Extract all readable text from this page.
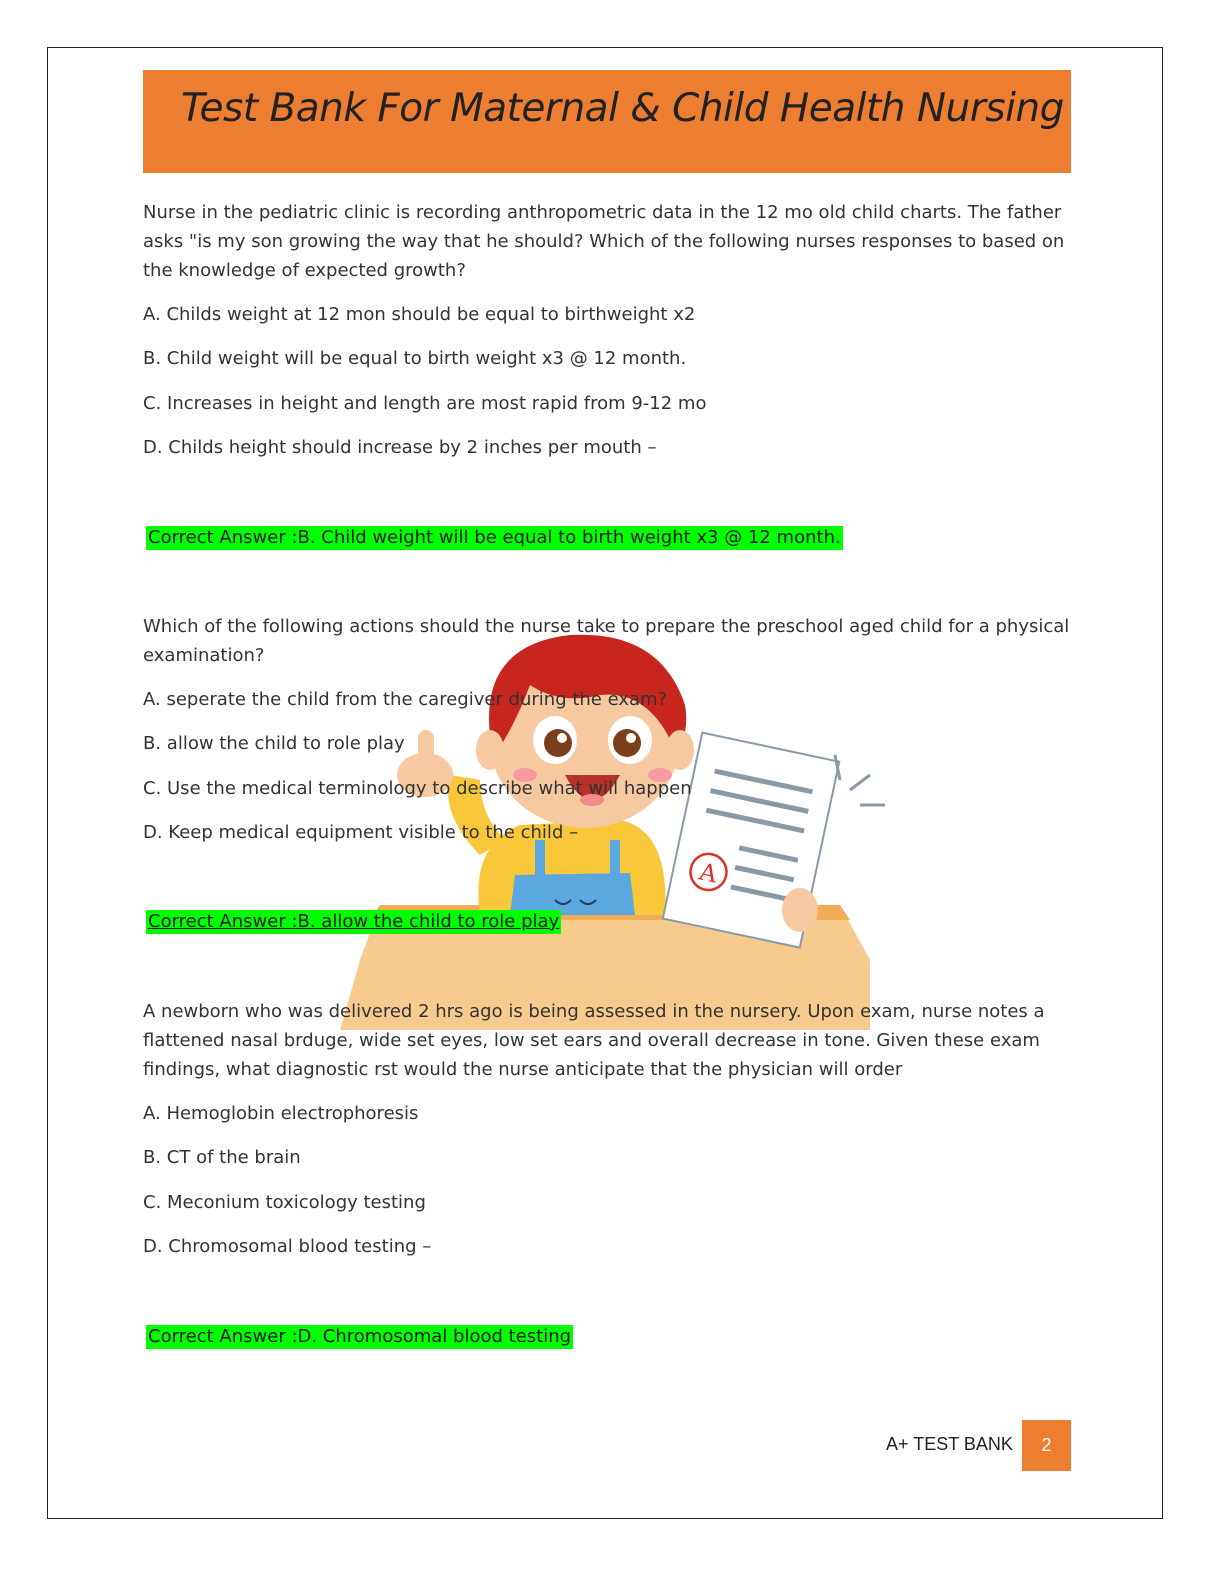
Test Bank For Maternal & Child Health Nursing
Nurse in the pediatric clinic is recording anthropometric data in the 12 mo old child charts. The father asks "is my son growing the way that he should? Which of the following nurses responses to based on the knowledge of expected growth?
A. Childs weight at 12 mon should be equal to birthweight x2
B. Child weight will be equal to birth weight x3 @ 12 month.
C. Increases in height and length are most rapid from 9-12 mo
D. Childs height should increase by 2 inches per mouth –
Correct Answer :B. Child weight will be equal to birth weight x3 @ 12 month.
A
Which of the following actions should the nurse take to prepare the preschool aged child for a physical examination?
A. seperate the child from the caregiver during the exam?
B. allow the child to role play
C. Use the medical terminology to describe what will happen
D. Keep medical equipment visible to the child –
Correct Answer :B. allow the child to role play
A newborn who was delivered 2 hrs ago is being assessed in the nursery. Upon exam, nurse notes a flattened nasal brduge, wide set eyes, low set ears and overall decrease in tone. Given these exam findings, what diagnostic rst would the nurse anticipate that the physician will order
A. Hemoglobin electrophoresis
B. CT of the brain
C. Meconium toxicology testing
D. Chromosomal blood testing –
Correct Answer :D. Chromosomal blood testing
A+ TEST BANK	2
